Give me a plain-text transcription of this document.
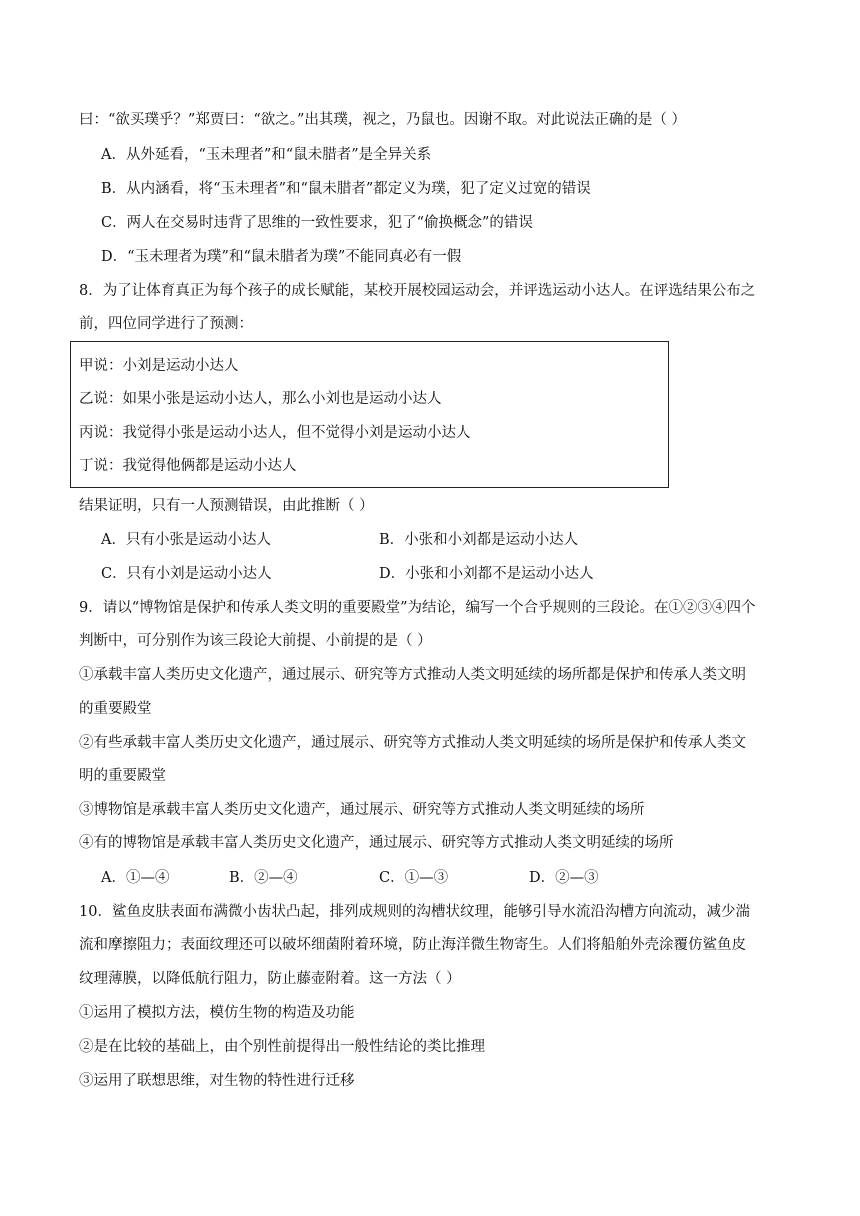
曰：“欲买璞乎？”郑贾曰：“欲之。”出其璞，视之，乃鼠也。因谢不取。对此说法正确的是（ ）
A．从外延看，“玉未理者”和“鼠未腊者”是全异关系
B．从内涵看，将“玉未理者”和“鼠未腊者”都定义为璞，犯了定义过宽的错误
C．两人在交易时违背了思维的一致性要求，犯了“偷换概念”的错误
D．“玉未理者为璞”和“鼠未腊者为璞”不能同真必有一假
8．为了让体育真正为每个孩子的成长赋能，某校开展校园运动会，并评选运动小达人。在评选结果公布之
前，四位同学进行了预测：
甲说：小刘是运动小达人
乙说：如果小张是运动小达人，那么小刘也是运动小达人
丙说：我觉得小张是运动小达人，但不觉得小刘是运动小达人
丁说：我觉得他俩都是运动小达人
结果证明，只有一人预测错误，由此推断（ ）
A．只有小张是运动小达人	B．小张和小刘都是运动小达人
C．只有小刘是运动小达人	D．小张和小刘都不是运动小达人
9．请以“博物馆是保护和传承人类文明的重要殿堂”为结论，编写一个合乎规则的三段论。在①②③④四个
判断中，可分别作为该三段论大前提、小前提的是（ ）
①承载丰富人类历史文化遗产，通过展示、研究等方式推动人类文明延续的场所都是保护和传承人类文明
的重要殿堂
②有些承载丰富人类历史文化遗产，通过展示、研究等方式推动人类文明延续的场所是保护和传承人类文
明的重要殿堂
③博物馆是承载丰富人类历史文化遗产，通过展示、研究等方式推动人类文明延续的场所
④有的博物馆是承载丰富人类历史文化遗产，通过展示、研究等方式推动人类文明延续的场所
A．①—④	B．②—④	C．①—③	D．②—③
10．鲨鱼皮肤表面布满微小齿状凸起，排列成规则的沟槽状纹理，能够引导水流沿沟槽方向流动，减少湍
流和摩擦阻力；表面纹理还可以破坏细菌附着环境，防止海洋微生物寄生。人们将船舶外壳涂覆仿鲨鱼皮
纹理薄膜，以降低航行阻力，防止藤壶附着。这一方法（ ）
①运用了模拟方法，模仿生物的构造及功能
②是在比较的基础上，由个别性前提得出一般性结论的类比推理
③运用了联想思维，对生物的特性进行迁移
